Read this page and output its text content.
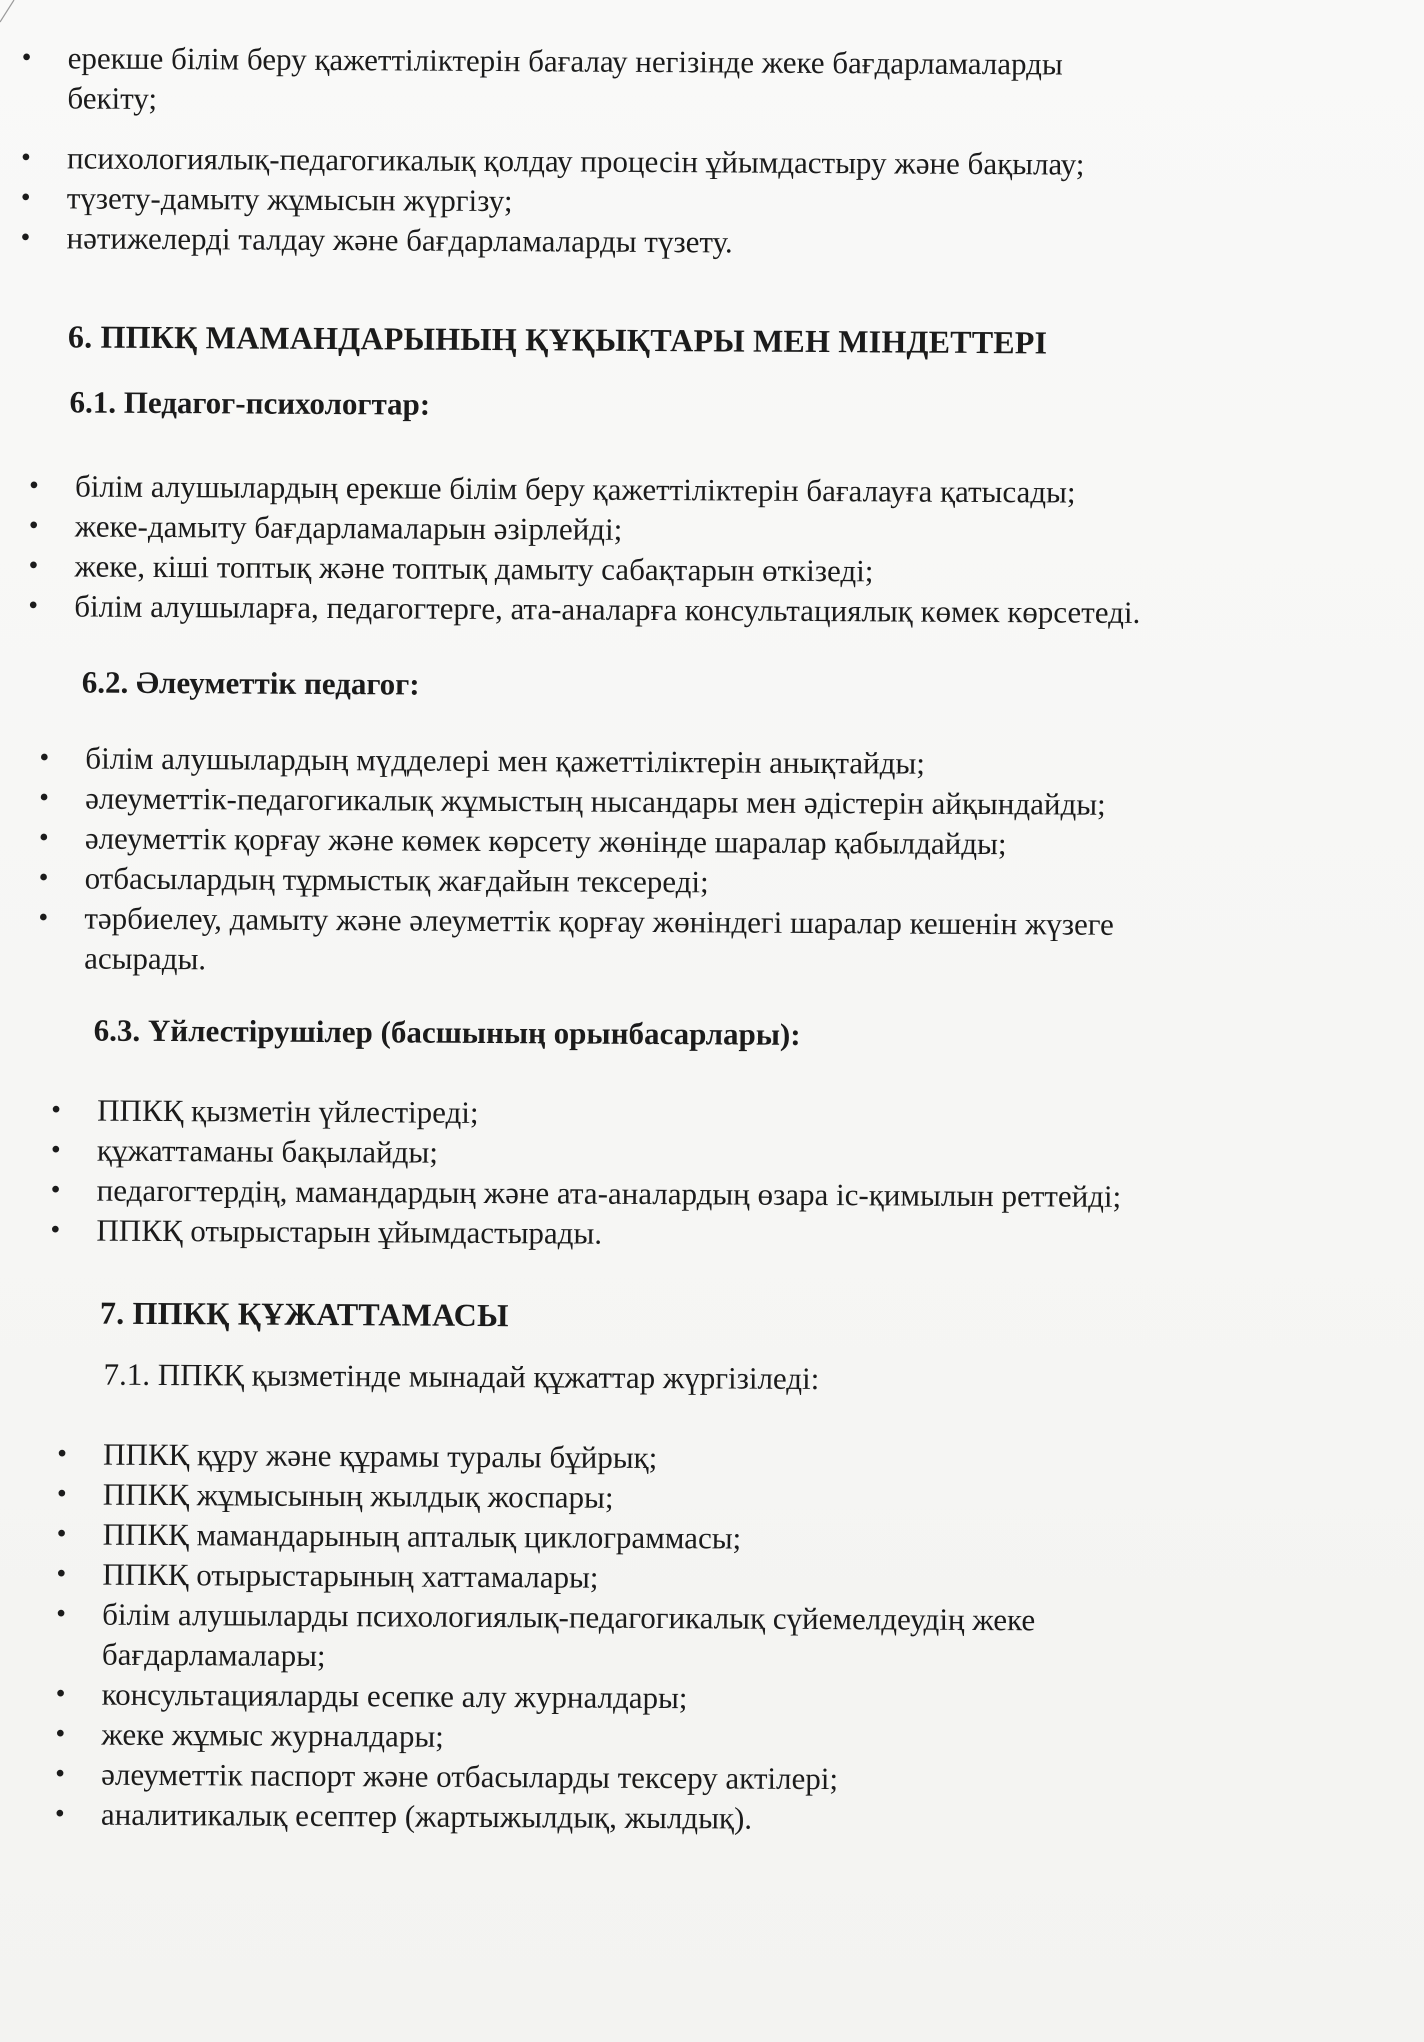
• ерекше білім беру қажеттіліктерін бағалау негізінде жеке бағдарламаларды
бекіту;
• психологиялық-педагогикалық қолдау процесін ұйымдастыру және бақылау;
• түзету-дамыту жұмысын жүргізу;
• нәтижелерді талдау және бағдарламаларды түзету.

6. ППКҚ МАМАНДАРЫНЫҢ ҚҰҚЫҚТАРЫ МЕН МІНДЕТТЕРІ

6.1. Педагог-психологтар:

• білім алушылардың ерекше білім беру қажеттіліктерін бағалауға қатысады;
• жеке-дамыту бағдарламаларын әзірлейді;
• жеке, кіші топтық және топтық дамыту сабақтарын өткізеді;
• білім алушыларға, педагогтерге, ата-аналарға консультациялық көмек көрсетеді.

6.2. Әлеуметтік педагог:

• білім алушылардың мүдделері мен қажеттіліктерін анықтайды;
• әлеуметтік-педагогикалық жұмыстың нысандары мен әдістерін айқындайды;
• әлеуметтік қорғау және көмек көрсету жөнінде шаралар қабылдайды;
• отбасылардың тұрмыстық жағдайын тексереді;
• тәрбиелеу, дамыту және әлеуметтік қорғау жөніндегі шаралар кешенін жүзеге
асырады.

6.3. Үйлестірушілер (басшының орынбасарлары):

• ППКҚ қызметін үйлестіреді;
• құжаттаманы бақылайды;
• педагогтердің, мамандардың және ата-аналардың өзара іс-қимылын реттейді;
• ППКҚ отырыстарын ұйымдастырады.

7. ППКҚ ҚҰЖАТТАМАСЫ

7.1. ППКҚ қызметінде мынадай құжаттар жүргізіледі:

• ППКҚ құру және құрамы туралы бұйрық;
• ППКҚ жұмысының жылдық жоспары;
• ППКҚ мамандарының апталық циклограммасы;
• ППКҚ отырыстарының хаттамалары;
• білім алушыларды психологиялық-педагогикалық сүйемелдеудің жеке
бағдарламалары;
• консультацияларды есепке алу журналдары;
• жеке жұмыс журналдары;
• әлеуметтік паспорт және отбасыларды тексеру актілері;
• аналитикалық есептер (жартыжылдық, жылдық).
